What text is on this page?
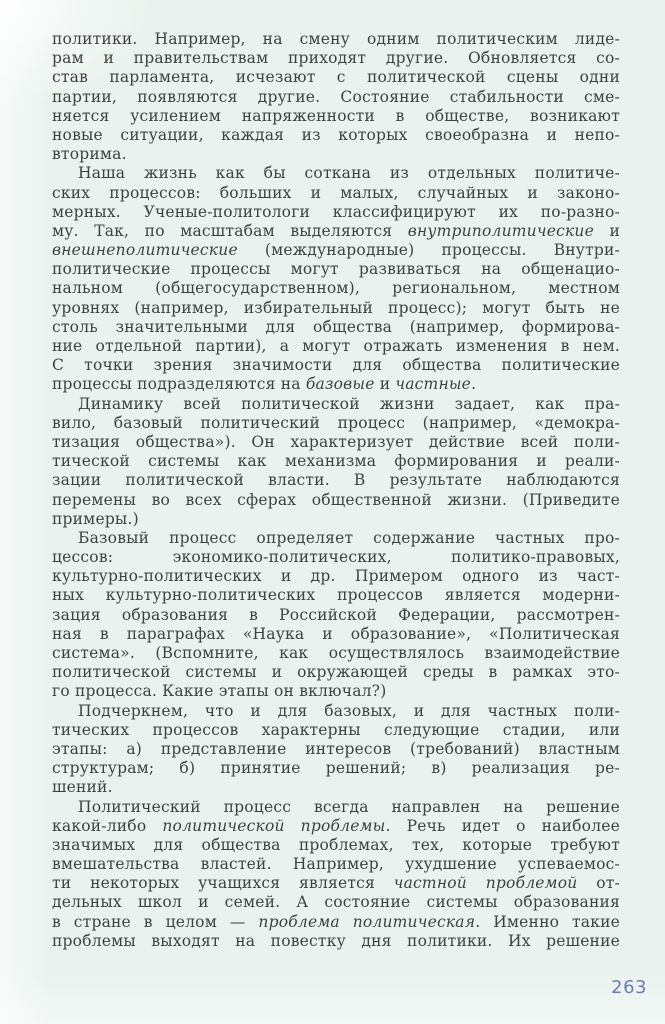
политики. Например, на смену одним политическим лиде-
рам и правительствам приходят другие. Обновляется со-
став парламента, исчезают с политической сцены одни
партии, появляются другие. Состояние стабильности сме-
няется усилением напряженности в обществе, возникают
новые ситуации, каждая из которых своеобразна и непо-
вторима.
Наша жизнь как бы соткана из отдельных политиче-
ских процессов: больших и малых, случайных и законо-
мерных. Ученые-политологи классифицируют их по-разно-
му. Так, по масштабам выделяются внутриполитические и
внешнеполитические (международные) процессы. Внутри-
политические процессы могут развиваться на общенацио-
нальном (общегосударственном), региональном, местном
уровнях (например, избирательный процесс); могут быть не
столь значительными для общества (например, формирова-
ние отдельной партии), а могут отражать изменения в нем.
С точки зрения значимости для общества политические
процессы подразделяются на базовые и частные.
Динамику всей политической жизни задает, как пра-
вило, базовый политический процесс (например, «демокра-
тизация общества»). Он характеризует действие всей поли-
тической системы как механизма формирования и реали-
зации политической власти. В результате наблюдаются
перемены во всех сферах общественной жизни. (Приведите
примеры.)
Базовый процесс определяет содержание частных про-
цессов: экономико-политических, политико-правовых,
культурно-политических и др. Примером одного из част-
ных культурно-политических процессов является модерни-
зация образования в Российской Федерации, рассмотрен-
ная в параграфах «Наука и образование», «Политическая
система». (Вспомните, как осуществлялось взаимодействие
политической системы и окружающей среды в рамках это-
го процесса. Какие этапы он включал?)
Подчеркнем, что и для базовых, и для частных поли-
тических процессов характерны следующие стадии, или
этапы: а) представление интересов (требований) властным
структурам; б) принятие решений; в) реализация ре-
шений.
Политический процесс всегда направлен на решение
какой-либо политической проблемы. Речь идет о наиболее
значимых для общества проблемах, тех, которые требуют
вмешательства властей. Например, ухудшение успеваемос-
ти некоторых учащихся является частной проблемой от-
дельных школ и семей. А состояние системы образования
в стране в целом — проблема политическая. Именно такие
проблемы выходят на повестку дня политики. Их решение
263
